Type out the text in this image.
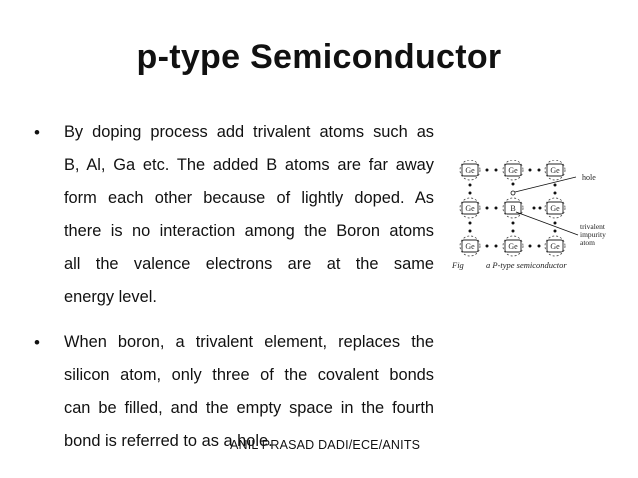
p-type Semiconductor
• By doping process add trivalent atoms such as
B, Al, Ga etc. The added B atoms are far away
form each other because of lightly doped. As
there is no interaction among the Boron atoms
all the valence electrons are at the same
energy level.
• When boron, a trivalent element, replaces the
silicon atom, only three of the covalent bonds
can be filled, and the empty space in the fourth
bond is referred to as a hole.
Ge	Ge	Ge
Ge	B	Ge
Ge	Ge	Ge
hole
trivalent
impurity
atom
Fig	a P-type semiconductor
ANIL PRASAD DADI/ECE/ANITS
